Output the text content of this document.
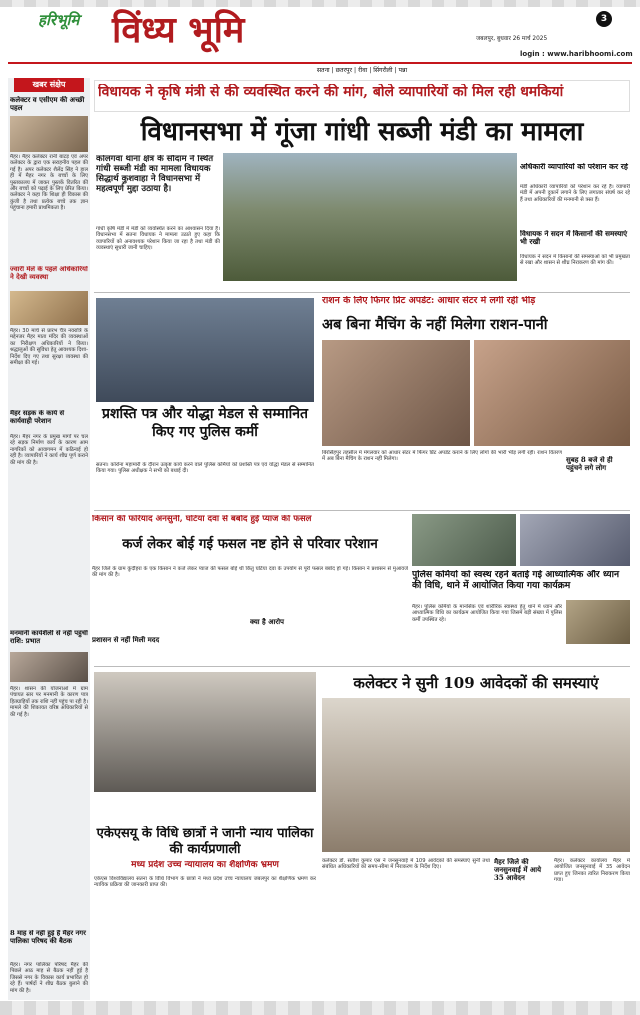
हरिभूमि विंध्य भूमि	3
जबलपुर, बुधवार 26 मार्च 2025
login : www.haribhoomi.com
सतना | छतरपुर | रीवा | सिंगरौली | पन्ना
खबर संक्षेप
कलेक्टर व एसीएम की अच्छी पहल
मैहर। मैहर कलेक्टर रानी बाटड़ एवं अपर कलेक्टर के द्वारा एक सराहनीय पहल की गई है। अपर कलेक्टर शैलेंद्र सिंह ने हाल ही में मैहर नगर के बच्चों के लिए पुस्तकालय में जाकर पुस्तकें वितरित कीं और बच्चों को पढ़ाई के लिए प्रेरित किया। कलेक्टर ने कहा कि शिक्षा ही विकास की कुंजी है तथा प्रत्येक बच्चे तक ज्ञान पहुंचाना हमारी प्राथमिकता है।
ज्वारी मेले के पहले अधिकारियों ने देखी व्यवस्था
मैहर। 30 मार्च से प्रारंभ चैत्र नवरात्रि के मद्देनजर मैहर माता मंदिर की व्यवस्थाओं का निरीक्षण अधिकारियों ने किया। श्रद्धालुओं की सुविधा हेतु आवश्यक दिशा-निर्देश दिए गए तथा सुरक्षा व्यवस्था की समीक्षा की गई।
मैहर सड़क के कार्य से कार्यवाही परेशान
मैहर। मैहर नगर के प्रमुख मार्गों पर चल रहे सड़क निर्माण कार्य के कारण आम नागरिकों को आवागमन में कठिनाई हो रही है। व्यापारियों ने कार्य शीघ्र पूर्ण कराने की मांग की है।
मनमानी कार्यशैली से नहीं पहुंची राशि: प्रभात
मैहर। शासन की योजनाओं में ग्राम पंचायत स्तर पर मनमानी के कारण पात्र हितग्राहियों तक राशि नहीं पहुंच पा रही है। मामले की शिकायत वरिष्ठ अधिकारियों से की गई है।
8 माह से नहीं हुई है मैहर नगर पालिका परिषद की बैठक
मैहर। नगर पालिका परिषद मैहर की पिछले आठ माह से बैठक नहीं हुई है जिससे नगर के विकास कार्य प्रभावित हो रहे हैं। पार्षदों ने शीघ्र बैठक बुलाने की मांग की है।
विधायक ने कृषि मंत्री से की व्यवस्थित करने की मांग, बोले व्यापारियों को मिल रही धमकियां
विधानसभा में गूंजा गांधी सब्जी मंडी का मामला
कोलगवा थाना क्षेत्र के सौदाम ने स्थित गांधी सब्जी मंडी का मामला विधायक सिद्धार्थ कुशवाहा ने विधानसभा में महत्वपूर्ण मुद्दा उठाया है।
गांधी कृषि मंडी में मंडी को व्यवस्थित करने का आश्वासन दिया है। विधानसभा में सतना विधायक ने मामला उठाते हुए कहा कि व्यापारियों को अनावश्यक परेशान किया जा रहा है तथा मंडी की व्यवस्थाएं सुधारी जानी चाहिए।
अधिकारी व्यापारियों को परेशान कर रहे
मंडी अधिकारी व्यापारियों को परेशान कर रहे हैं। व्यापारी मंडी में अपनी दुकानें लगाने के लिए लगातार संघर्ष कर रहे हैं तथा अधिकारियों की मनमानी से त्रस्त हैं।
विधायक ने सदन में किसानों की समस्याएं भी रखी
विधायक ने सदन में किसानों की समस्याओं को भी प्रमुखता से रखा और शासन से शीघ्र निराकरण की मांग की।
प्रशस्ति पत्र और योद्धा मेडल से सम्मानित किए गए पुलिस कर्मी
सतना। कोरोना महामारी के दौरान उत्कृष्ट कार्य करने वाले पुलिस कर्मियों को प्रशस्ति पत्र एवं योद्धा मेडल से सम्मानित किया गया। पुलिस अधीक्षक ने सभी को बधाई दी।
राशन के लिए फिंगर प्रिंट अपडेट: आधार सेंटर में लगी रही भीड़
अब बिना मैचिंग के नहीं मिलेगा राशन-पानी
बिरसिंहपुर तहसील में मंगलवार को आधार सेंटर में फिंगर प्रिंट अपडेट कराने के लिए लोगों की भारी भीड़ लगी रही। राशन वितरण में अब बिना मैचिंग के राशन नहीं मिलेगा।	सुबह 8 बजे से ही पहुंचने लगे लोग
किसान की फरियाद अनसुनी, घटिया दवा से बर्बाद हुई प्याज की फसल
कर्ज लेकर बोई गई फसल नष्ट होने से परिवार परेशान
मैहर जिले के ग्राम कुंदौहरा के एक किसान ने कर्ज लेकर प्याज की फसल बोई थी किंतु घटिया दवा के उपयोग से पूरी फसल बर्बाद हो गई। किसान ने प्रशासन से मुआवजे की मांग की है।
प्रशासन से नहीं मिली मदद
क्या है आरोप
पुलिस कर्मियों को स्वस्थ रहने बताई गई आध्यात्मिक और ध्यान की विधि, थाने में आयोजित किया गया कार्यक्रम
मैहर। पुलिस कर्मियों के मानसिक एवं शारीरिक स्वास्थ्य हेतु थाने में ध्यान और आध्यात्मिक विधि का कार्यक्रम आयोजित किया गया जिसमें बड़ी संख्या में पुलिस कर्मी उपस्थित रहे।
एकेएसयू के विधि छात्रों ने जानी न्याय पालिका की कार्यप्रणाली
मध्य प्रदेश उच्च न्यायालय का शैक्षणिक भ्रमण
एकेएस विश्वविद्यालय सतना के विधि विभाग के छात्रों ने मध्य प्रदेश उच्च न्यायालय जबलपुर का शैक्षणिक भ्रमण कर न्यायिक प्रक्रिया की जानकारी प्राप्त की।
कलेक्टर ने सुनी 109 आवेदकों की समस्याएं
कलेक्टर डॉ. सतीश कुमार एस ने जनसुनवाई में 109 आवेदकों की समस्याएं सुनीं तथा संबंधित अधिकारियों को समय-सीमा में निराकरण के निर्देश दिए।
मैहर जिले की जनसुनवाई में आये 35 आवेदन
मैहर। कलेक्टर कार्यालय मैहर में आयोजित जनसुनवाई में 35 आवेदन प्राप्त हुए जिनका त्वरित निराकरण किया गया।
